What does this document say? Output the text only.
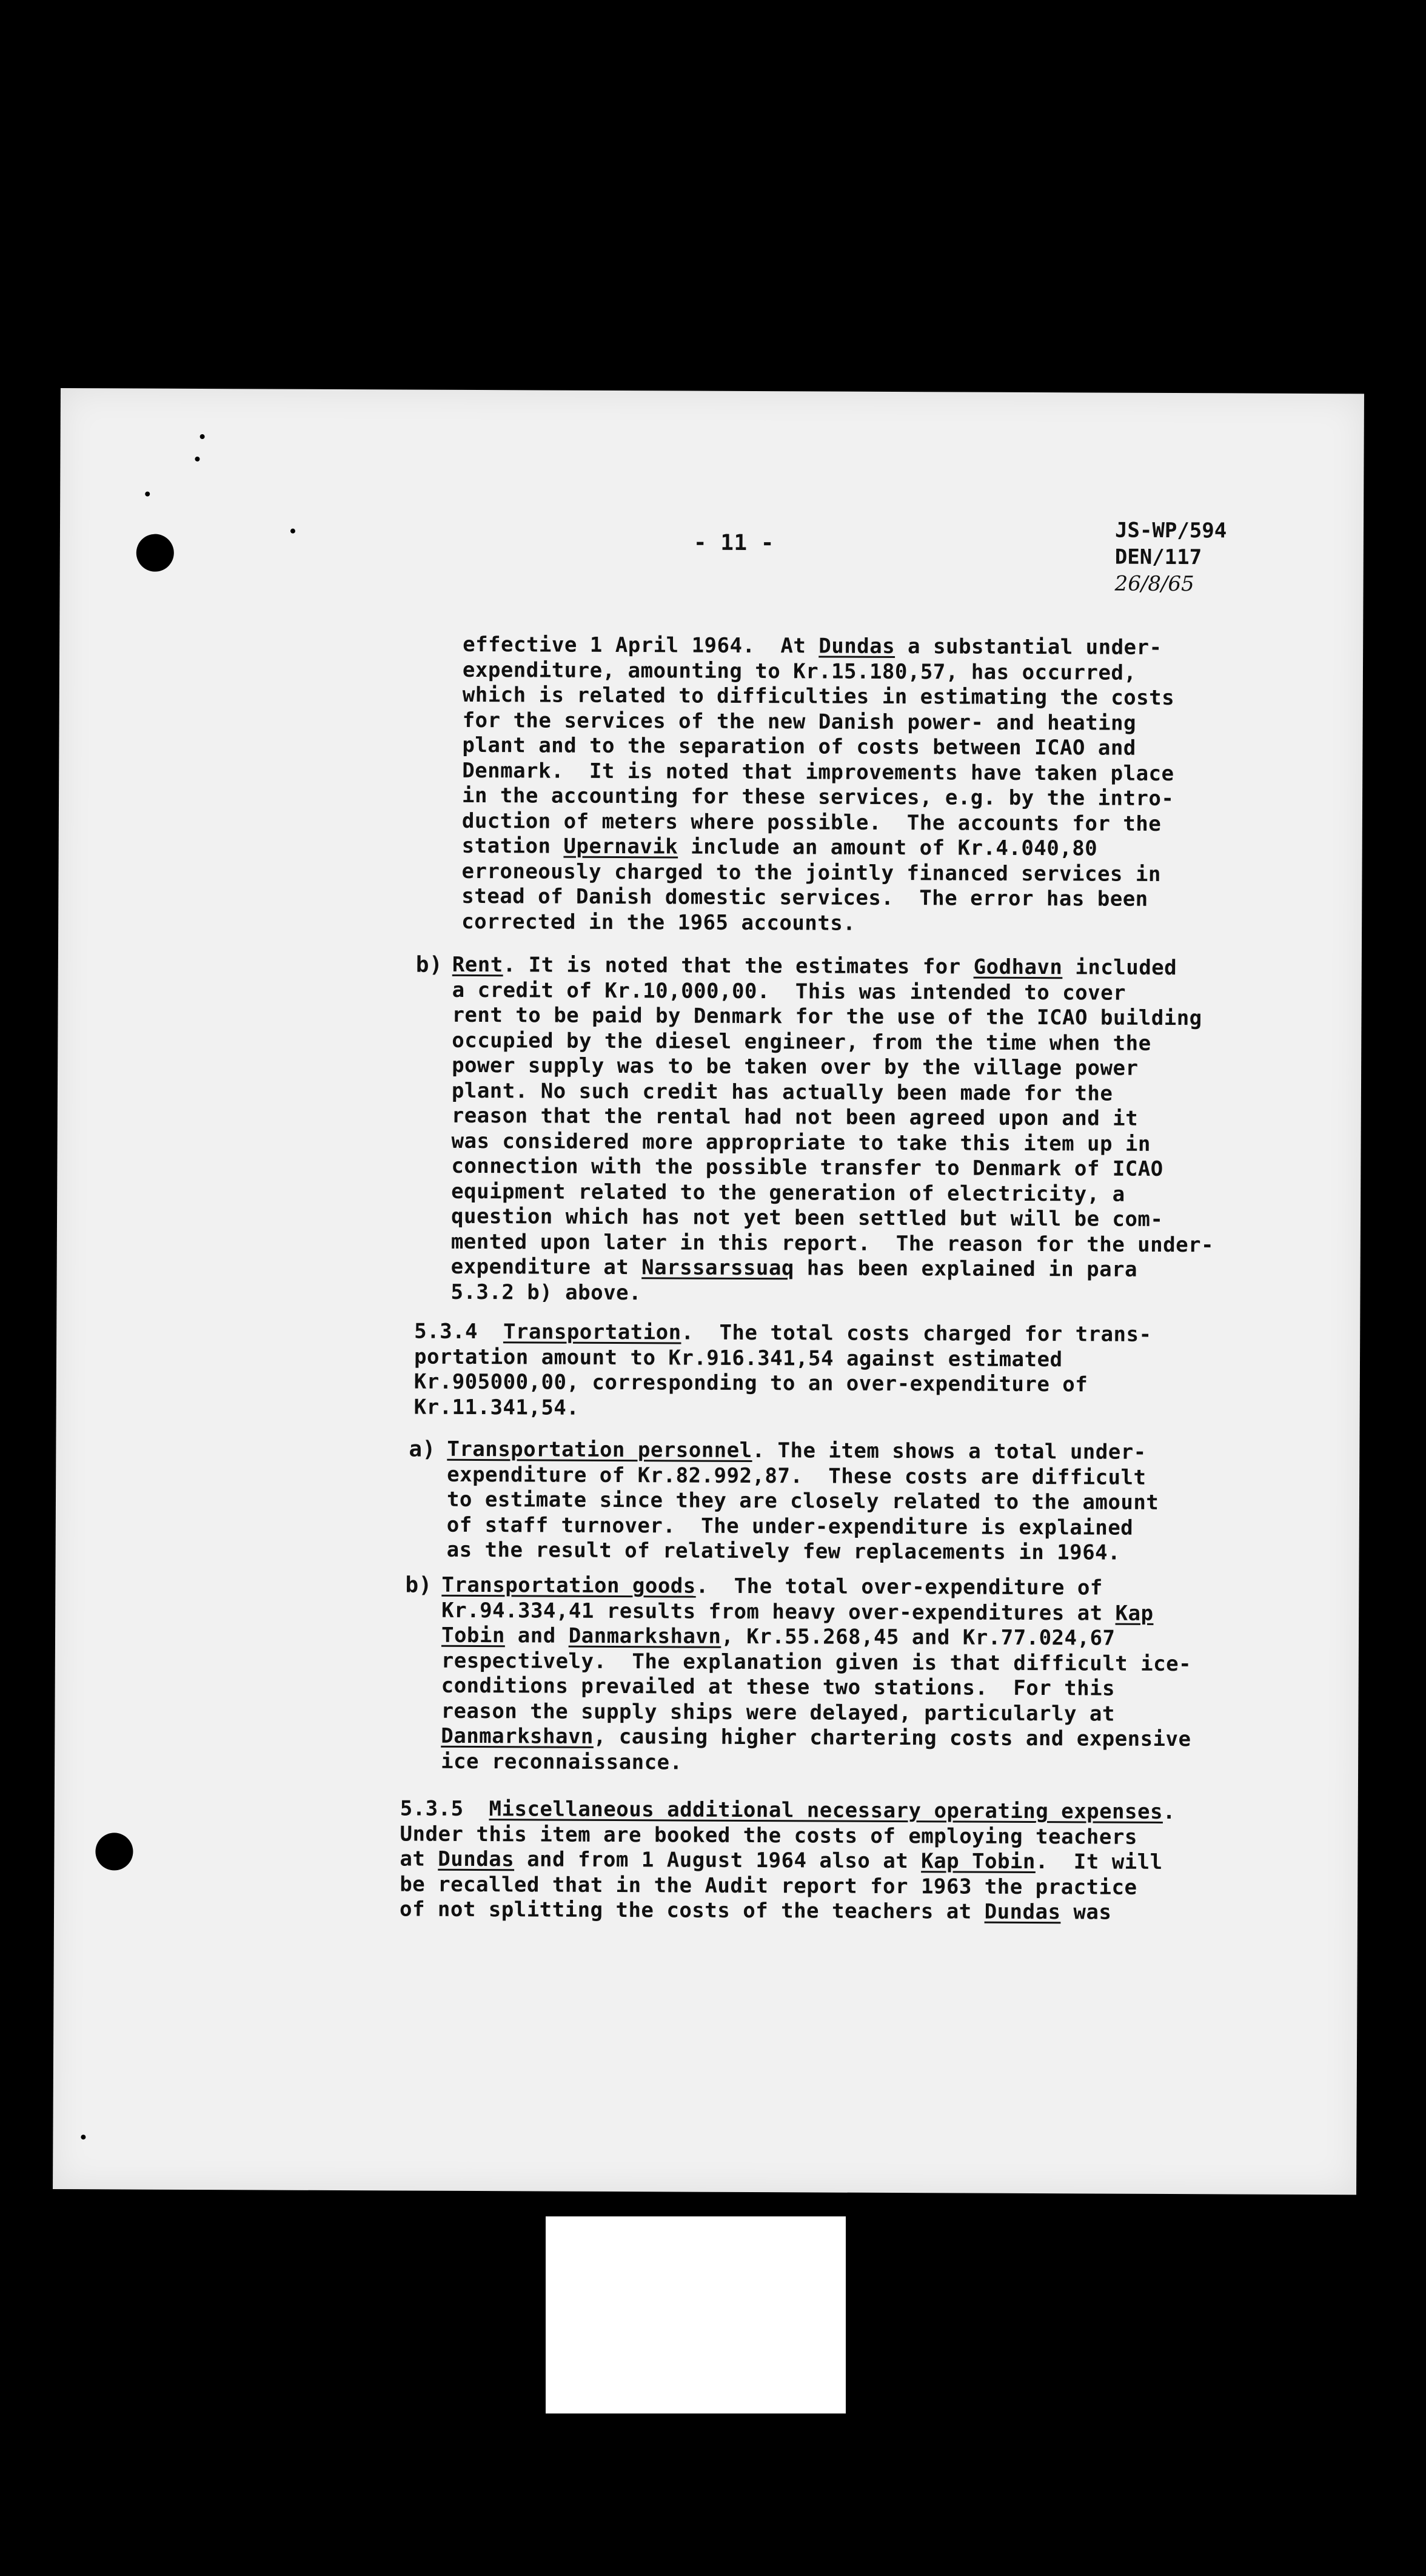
- 11 -	JS-WP/594
DEN/117
26/8/65
effective 1 April 1964.  At Dundas a substantial under-
expenditure, amounting to Kr.15.180,57, has occurred,
which is related to difficulties in estimating the costs
for the services of the new Danish power- and heating
plant and to the separation of costs between ICAO and
Denmark.  It is noted that improvements have taken place
in the accounting for these services, e.g. by the intro-
duction of meters where possible.  The accounts for the
station Upernavik include an amount of Kr.4.040,80
erroneously charged to the jointly financed services in
stead of Danish domestic services.  The error has been
corrected in the 1965 accounts.
b) Rent. It is noted that the estimates for Godhavn included
a credit of Kr.10,000,00.  This was intended to cover
rent to be paid by Denmark for the use of the ICAO building
occupied by the diesel engineer, from the time when the
power supply was to be taken over by the village power
plant. No such credit has actually been made for the
reason that the rental had not been agreed upon and it
was considered more appropriate to take this item up in
connection with the possible transfer to Denmark of ICAO
equipment related to the generation of electricity, a
question which has not yet been settled but will be com-
mented upon later in this report.  The reason for the under-
expenditure at Narssarssuaq has been explained in para
5.3.2 b) above.
5.3.4  Transportation.  The total costs charged for trans-
portation amount to Kr.916.341,54 against estimated
Kr.905000,00, corresponding to an over-expenditure of
Kr.11.341,54.
a) Transportation personnel. The item shows a total under-
expenditure of Kr.82.992,87.  These costs are difficult
to estimate since they are closely related to the amount
of staff turnover.  The under-expenditure is explained
as the result of relatively few replacements in 1964.
b) Transportation goods.  The total over-expenditure of
Kr.94.334,41 results from heavy over-expenditures at Kap
Tobin and Danmarkshavn, Kr.55.268,45 and Kr.77.024,67
respectively.  The explanation given is that difficult ice-
conditions prevailed at these two stations.  For this
reason the supply ships were delayed, particularly at
Danmarkshavn, causing higher chartering costs and expensive
ice reconnaissance.
5.3.5  Miscellaneous additional necessary operating expenses.
Under this item are booked the costs of employing teachers
at Dundas and from 1 August 1964 also at Kap Tobin.  It will
be recalled that in the Audit report for 1963 the practice
of not splitting the costs of the teachers at Dundas was
